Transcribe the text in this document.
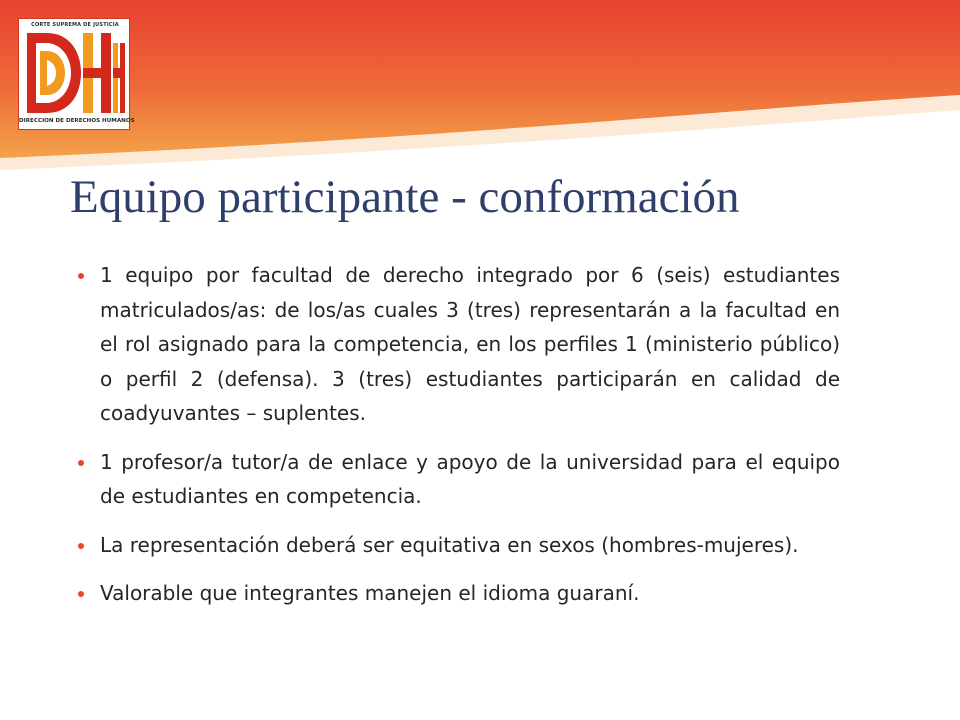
CORTE SUPREMA DE JUSTICIA
DIRECCION DE DERECHOS HUMANOS
Equipo participante - conformación
1 equipo por facultad de derecho integrado por 6 (seis) estudiantes matriculados/as: de los/as cuales 3 (tres) representarán a la facultad en el rol asignado para la competencia, en los perfiles 1 (ministerio público) o perfil 2 (defensa). 3 (tres) estudiantes participarán en calidad de coadyuvantes – suplentes.
1 profesor/a tutor/a de enlace y apoyo de la universidad para el equipo de estudiantes en competencia.
La representación deberá ser equitativa en sexos (hombres-mujeres).
Valorable que integrantes manejen el idioma guaraní.
